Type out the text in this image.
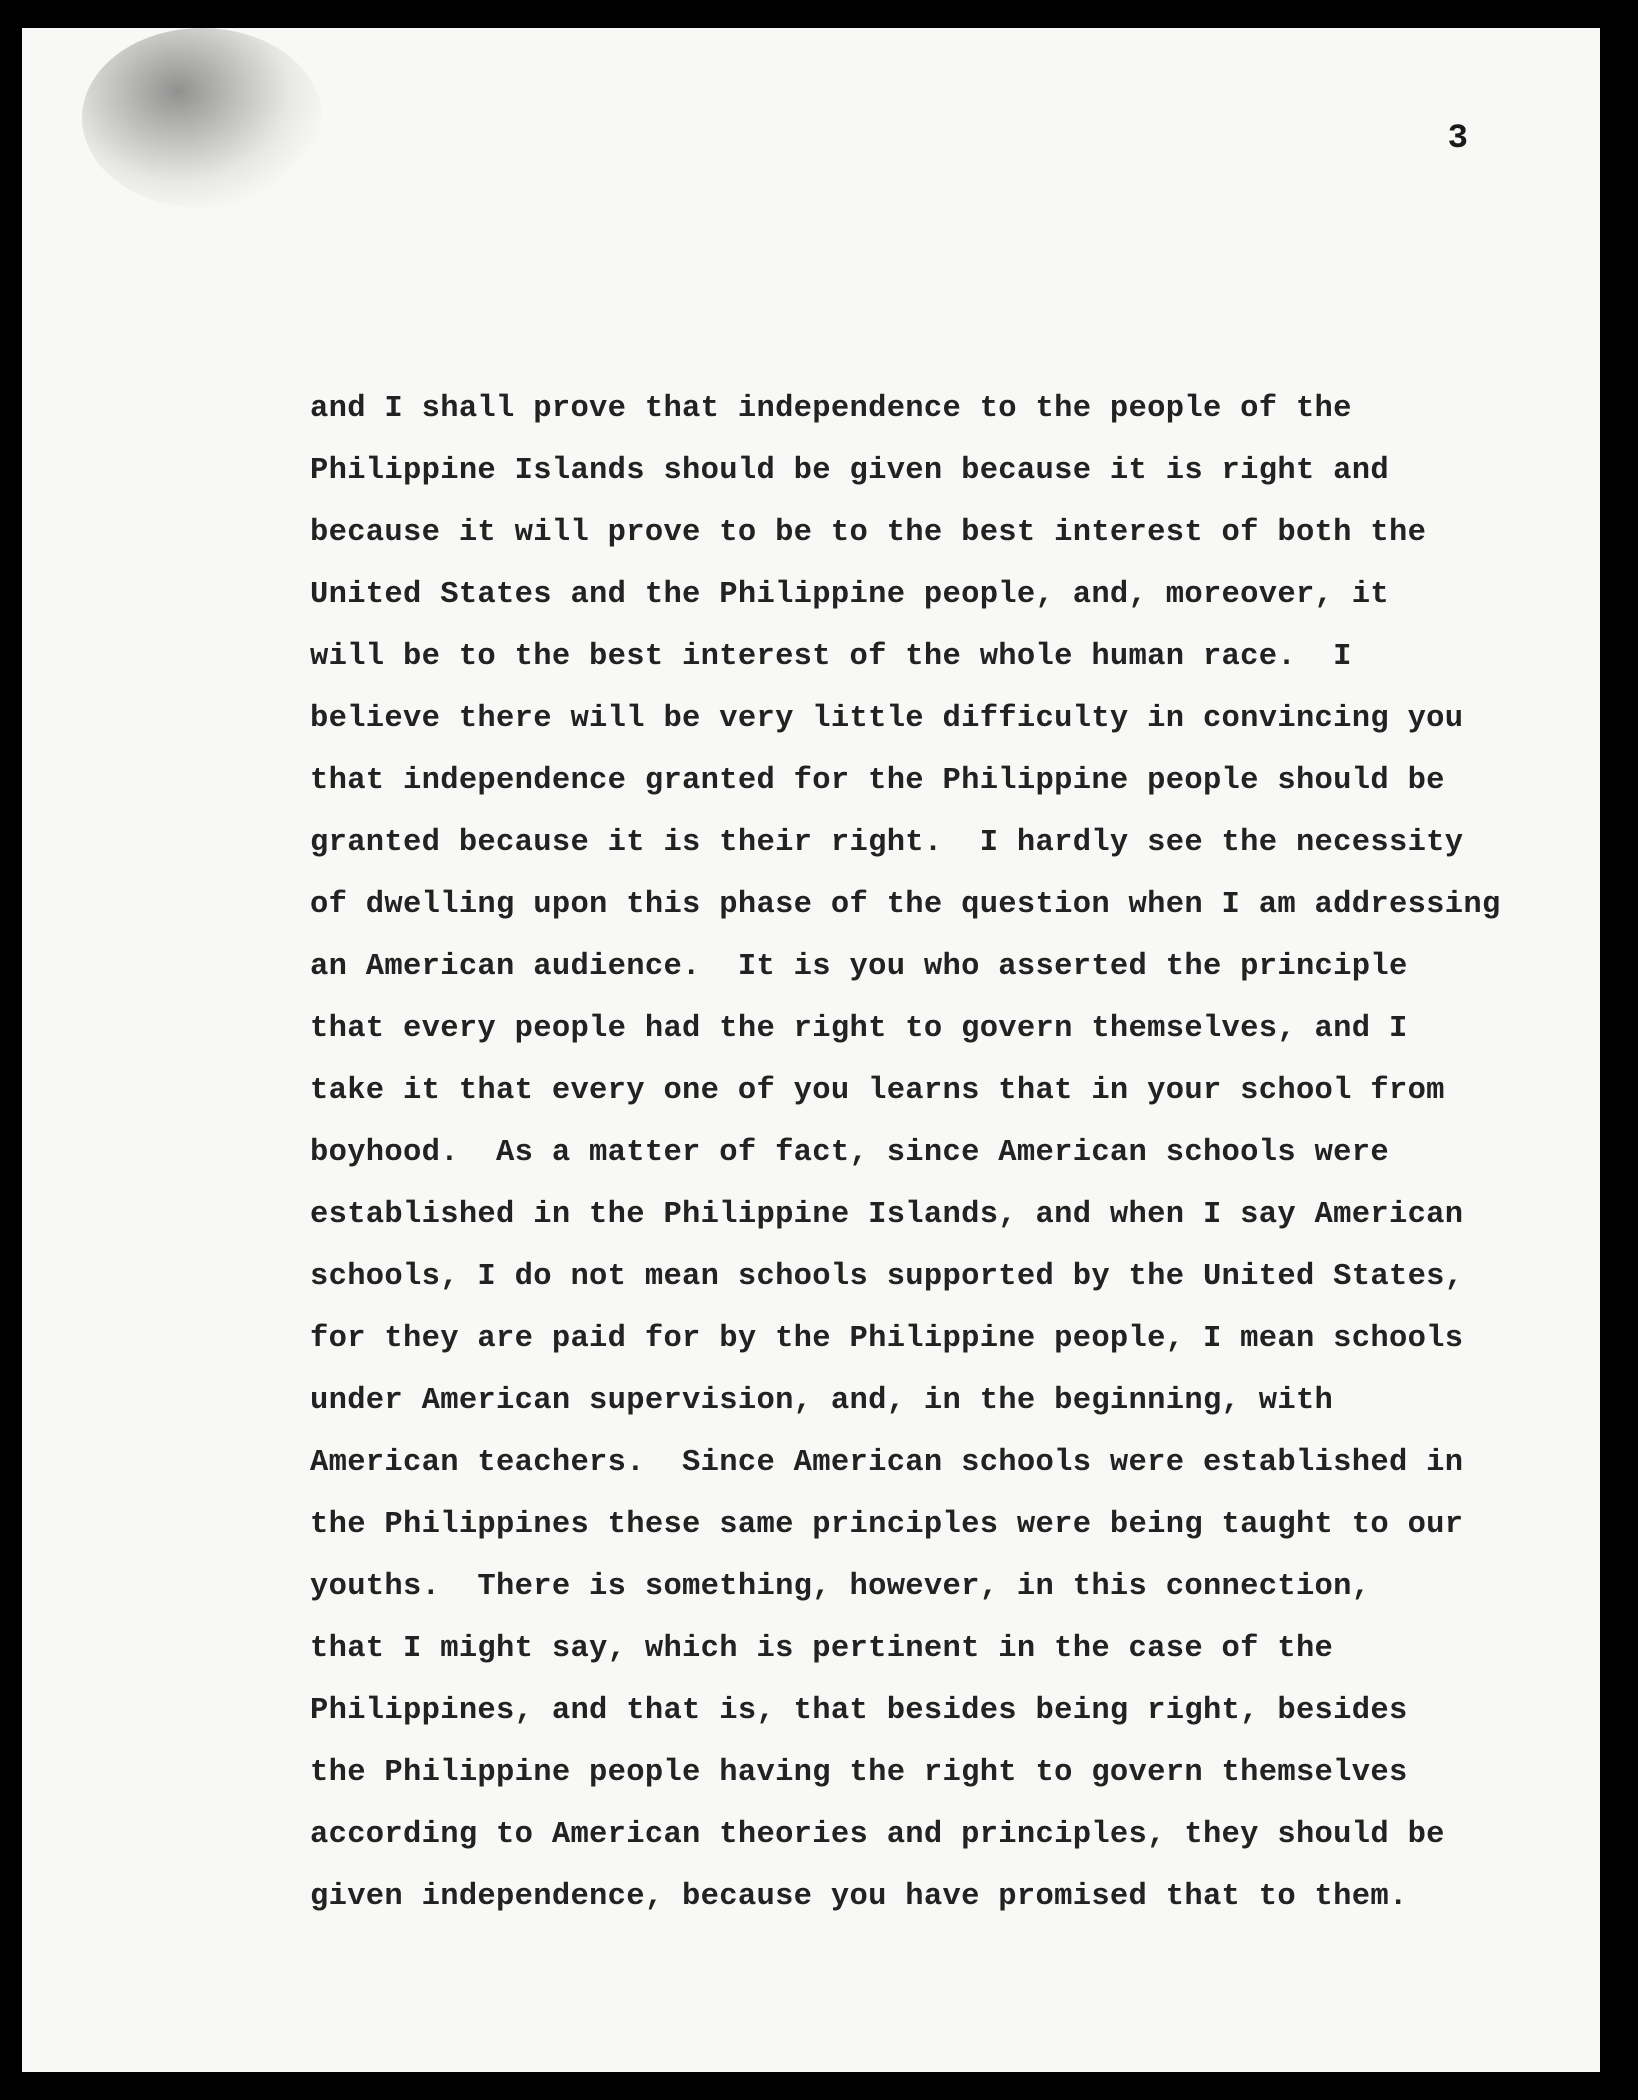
3

and I shall prove that independence to the people of the
Philippine Islands should be given because it is right and
because it will prove to be to the best interest of both the
United States and the Philippine people, and, moreover, it
will be to the best interest of the whole human race.  I
believe there will be very little difficulty in convincing you
that independence granted for the Philippine people should be
granted because it is their right.  I hardly see the necessity
of dwelling upon this phase of the question when I am addressing
an American audience.  It is you who asserted the principle
that every people had the right to govern themselves, and I
take it that every one of you learns that in your school from
boyhood.  As a matter of fact, since American schools were
established in the Philippine Islands, and when I say American
schools, I do not mean schools supported by the United States,
for they are paid for by the Philippine people, I mean schools
under American supervision, and, in the beginning, with
American teachers.  Since American schools were established in
the Philippines these same principles were being taught to our
youths.  There is something, however, in this connection,
that I might say, which is pertinent in the case of the
Philippines, and that is, that besides being right, besides
the Philippine people having the right to govern themselves
according to American theories and principles, they should be
given independence, because you have promised that to them.
